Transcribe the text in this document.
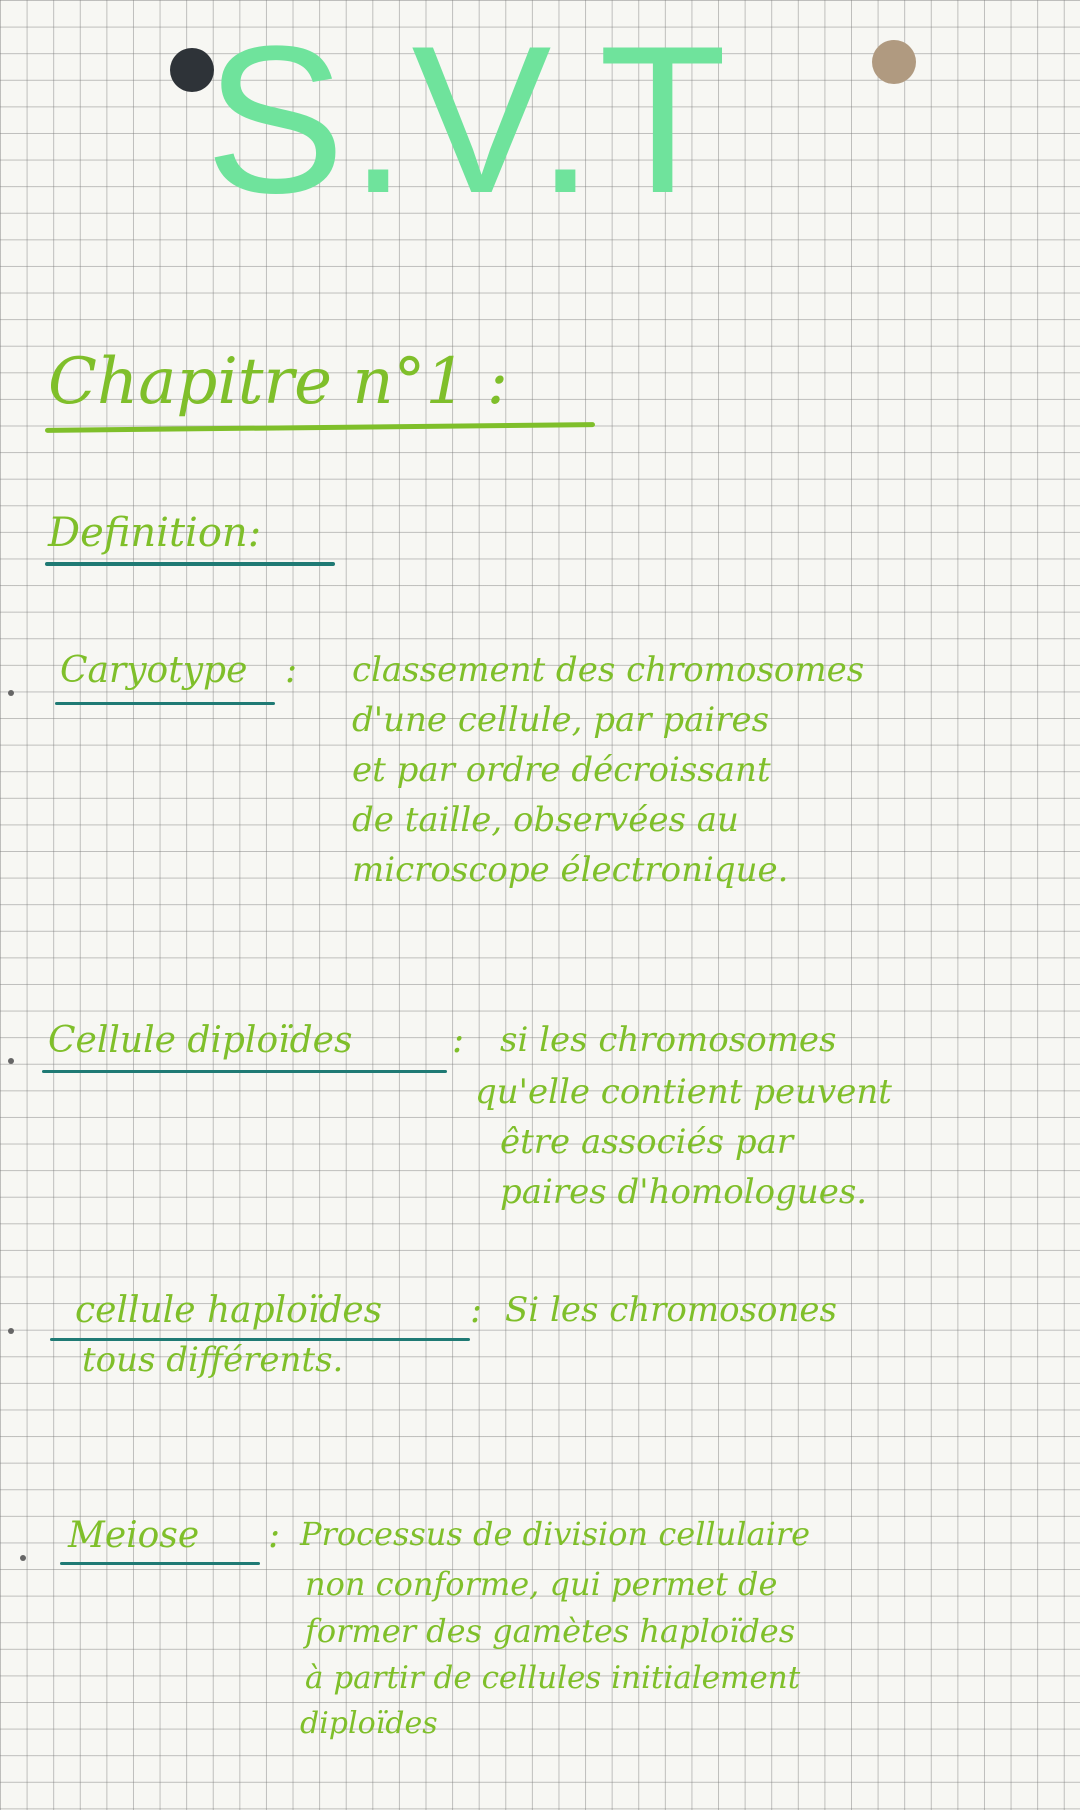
S.V.T
Chapitre n°1 :
Definition:
Caryotype : classement des chromosomes
d'une cellule, par paires
et par ordre décroissant
de taille, observées au
microscope électronique.
Cellule diploïdes	: si les chromosomes
qu'elle contient peuvent
être associés par
paires d'homologues.
cellule haploïdes : Si les chromosones
tous différents.
Meiose : Processus de division cellulaire
non conforme, qui permet de
former des gamètes haploïdes
à partir de cellules initialement
diploïdes
